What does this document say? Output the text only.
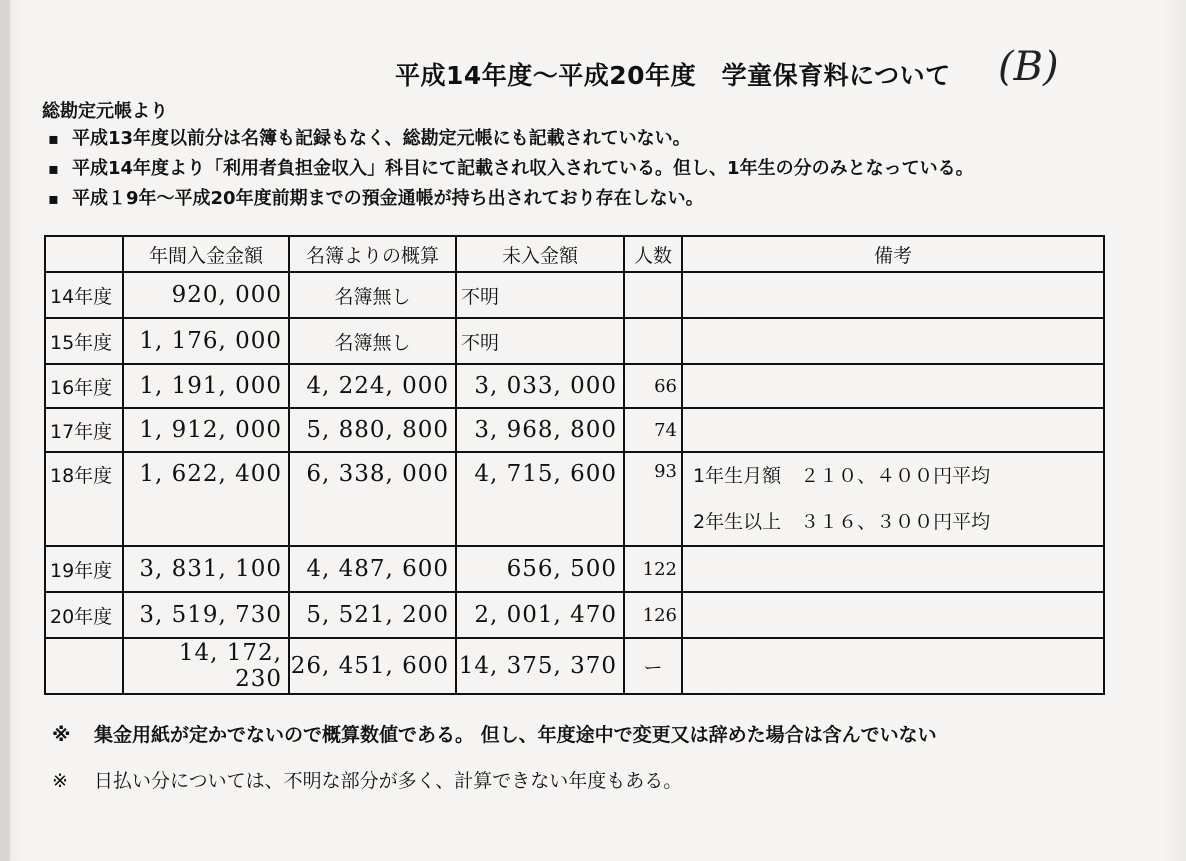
平成14年度～平成20年度　学童保育料について (B)
総勘定元帳より
▪ 平成13年度以前分は名簿も記録もなく、総勘定元帳にも記載されていない。
▪ 平成14年度より「利用者負担金収入」科目にて記載され収入されている。但し、1年生の分のみとなっている。
▪ 平成１9年～平成20年度前期までの預金通帳が持ち出されており存在しない。
	年間入金金額	名簿よりの概算	未入金額	人数	備考
14年度	920, 000	名簿無し	不明		
15年度	1, 176, 000	名簿無し	不明		
16年度	1, 191, 000	4, 224, 000	3, 033, 000	66	
17年度	1, 912, 000	5, 880, 800	3, 968, 800	74	
18年度	1, 622, 400	6, 338, 000	4, 715, 600	93	1年生月額　２１０、４００円平均
2年生以上　３１６、３００円平均

19年度	3, 831, 100	4, 487, 600	656, 500	122	
20年度	3, 519, 730	5, 521, 200	2, 001, 470	126	
	14, 172, 230	26, 451, 600	14, 375, 370	ー	
※ 集金用紙が定かでないので概算数値である。 但し、年度途中で変更又は辞めた場合は含んでいない
※ 日払い分については、不明な部分が多く、計算できない年度もある。
